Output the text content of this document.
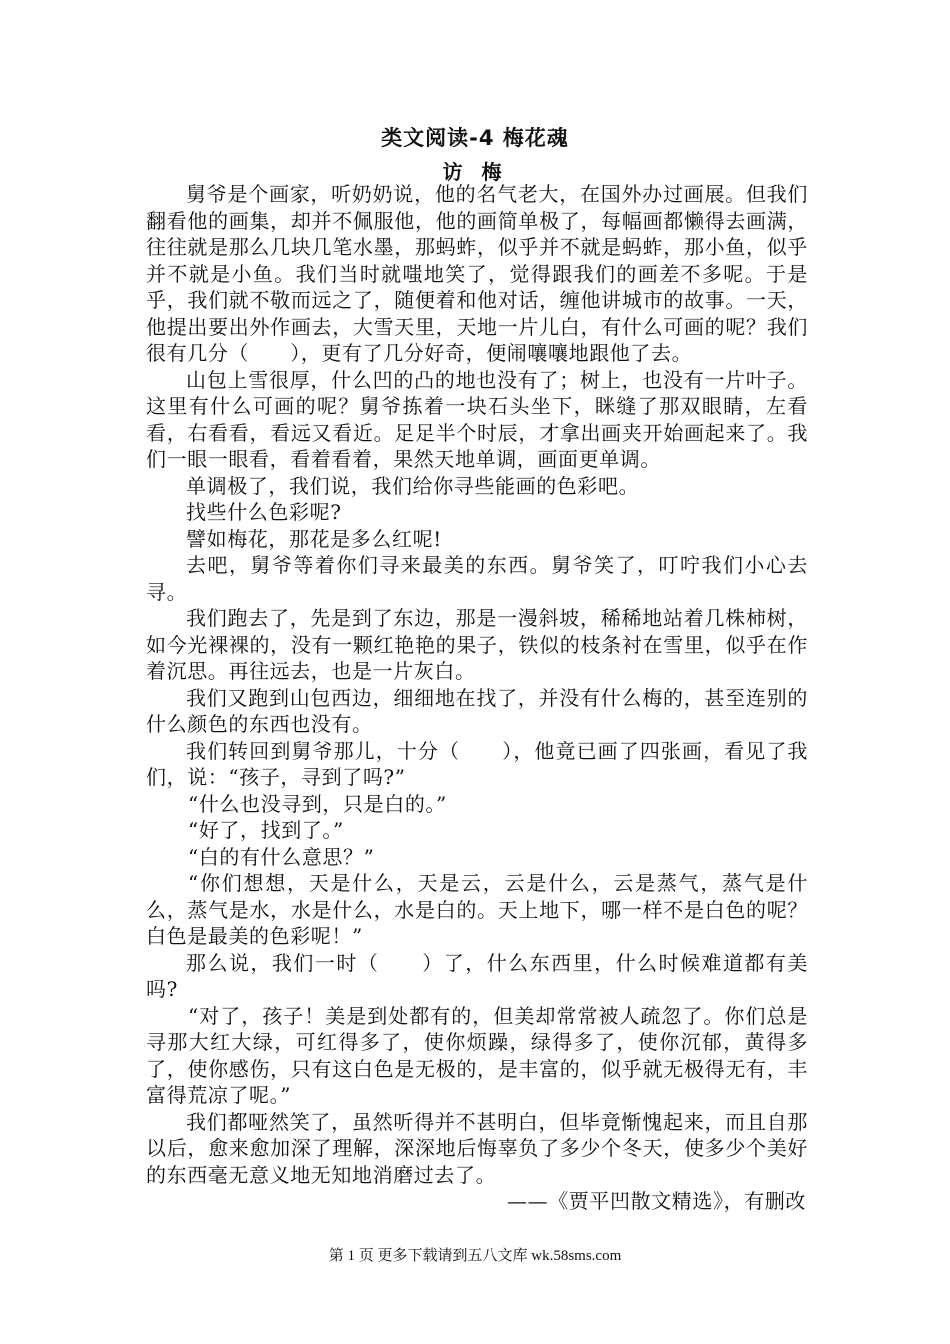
类文阅读-4 梅花魂
访 梅

舅爷是个画家，听奶奶说，他的名气老大，在国外办过画展。但我们翻看他的画集，却并不佩服他，他的画简单极了，每幅画都懒得去画满，往往就是那么几块几笔水墨，那蚂蚱，似乎并不就是蚂蚱，那小鱼，似乎并不就是小鱼。我们当时就嗤地笑了，觉得跟我们的画差不多呢。于是乎，我们就不敬而远之了，随便着和他对话，缠他讲城市的故事。一天，他提出要出外作画去，大雪天里，天地一片儿白，有什么可画的呢？我们很有几分（　　），更有了几分好奇，便闹嚷嚷地跟他了去。

山包上雪很厚，什么凹的凸的地也没有了；树上，也没有一片叶子。这里有什么可画的呢？舅爷拣着一块石头坐下，眯缝了那双眼睛，左看看，右看看，看远又看近。足足半个时辰，才拿出画夹开始画起来了。我们一眼一眼看，看着看着，果然天地单调，画面更单调。

单调极了，我们说，我们给你寻些能画的色彩吧。

找些什么色彩呢?

譬如梅花，那花是多么红呢!

去吧，舅爷等着你们寻来最美的东西。舅爷笑了，叮咛我们小心去寻。

我们跑去了，先是到了东边，那是一漫斜坡，稀稀地站着几株柿树，如今光裸裸的，没有一颗红艳艳的果子，铁似的枝条衬在雪里，似乎在作着沉思。再往远去，也是一片灰白。

我们又跑到山包西边，细细地在找了，并没有什么梅的，甚至连别的什么颜色的东西也没有。

我们转回到舅爷那儿，十分（　　），他竟已画了四张画，看见了我们，说：“孩子，寻到了吗?”

“什么也没寻到，只是白的。”

“好了，找到了。”

“白的有什么意思？”

“你们想想，天是什么，天是云，云是什么，云是蒸气，蒸气是什么，蒸气是水，水是什么，水是白的。天上地下，哪一样不是白色的呢？白色是最美的色彩呢！”

那么说，我们一时（　　）了，什么东西里，什么时候难道都有美吗?

“对了，孩子！美是到处都有的，但美却常常被人疏忽了。你们总是寻那大红大绿，可红得多了，使你烦躁，绿得多了，使你沉郁，黄得多了，使你感伤，只有这白色是无极的，是丰富的，似乎就无极得无有，丰富得荒凉了呢。”

我们都哑然笑了，虽然听得并不甚明白，但毕竟惭愧起来，而且自那以后，愈来愈加深了理解，深深地后悔辜负了多少个冬天，使多少个美好的东西毫无意义地无知地消磨过去了。

——《贾平凹散文精选》，有删改
第 1 页 更多下载请到五八文库 wk.58sms.com
